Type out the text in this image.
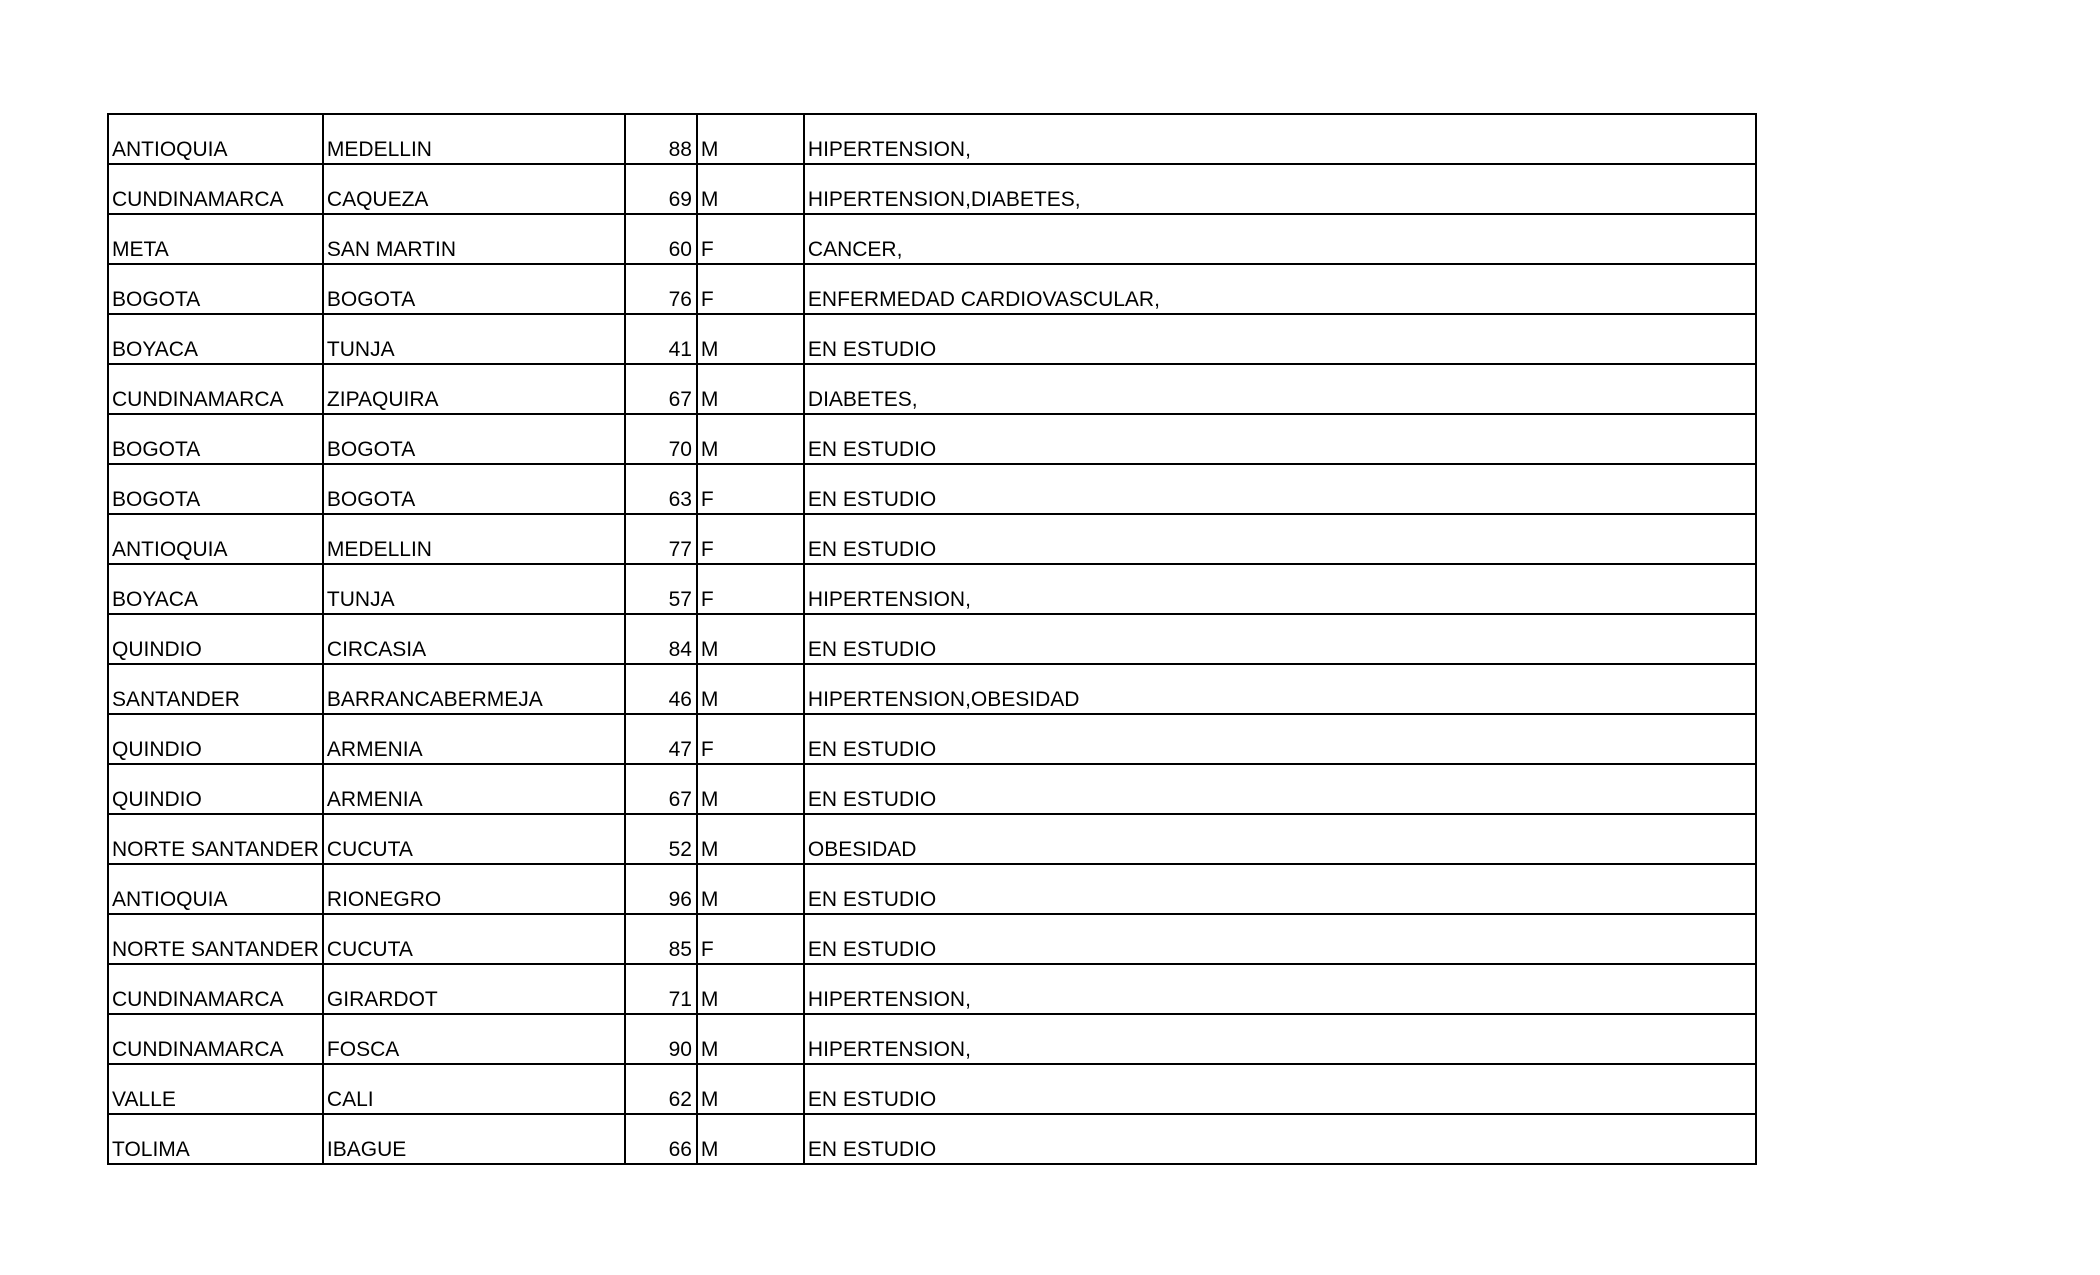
ANTIOQUIA	MEDELLIN	88	M	HIPERTENSION,
CUNDINAMARCA	CAQUEZA	69	M	HIPERTENSION,DIABETES,
META	SAN MARTIN	60	F	CANCER,
BOGOTA	BOGOTA	76	F	ENFERMEDAD CARDIOVASCULAR,
BOYACA	TUNJA	41	M	EN ESTUDIO
CUNDINAMARCA	ZIPAQUIRA	67	M	DIABETES,
BOGOTA	BOGOTA	70	M	EN ESTUDIO
BOGOTA	BOGOTA	63	F	EN ESTUDIO
ANTIOQUIA	MEDELLIN	77	F	EN ESTUDIO
BOYACA	TUNJA	57	F	HIPERTENSION,
QUINDIO	CIRCASIA	84	M	EN ESTUDIO
SANTANDER	BARRANCABERMEJA	46	M	HIPERTENSION,OBESIDAD
QUINDIO	ARMENIA	47	F	EN ESTUDIO
QUINDIO	ARMENIA	67	M	EN ESTUDIO
NORTE SANTANDER	CUCUTA	52	M	OBESIDAD
ANTIOQUIA	RIONEGRO	96	M	EN ESTUDIO
NORTE SANTANDER	CUCUTA	85	F	EN ESTUDIO
CUNDINAMARCA	GIRARDOT	71	M	HIPERTENSION,
CUNDINAMARCA	FOSCA	90	M	HIPERTENSION,
VALLE	CALI	62	M	EN ESTUDIO
TOLIMA	IBAGUE	66	M	EN ESTUDIO
